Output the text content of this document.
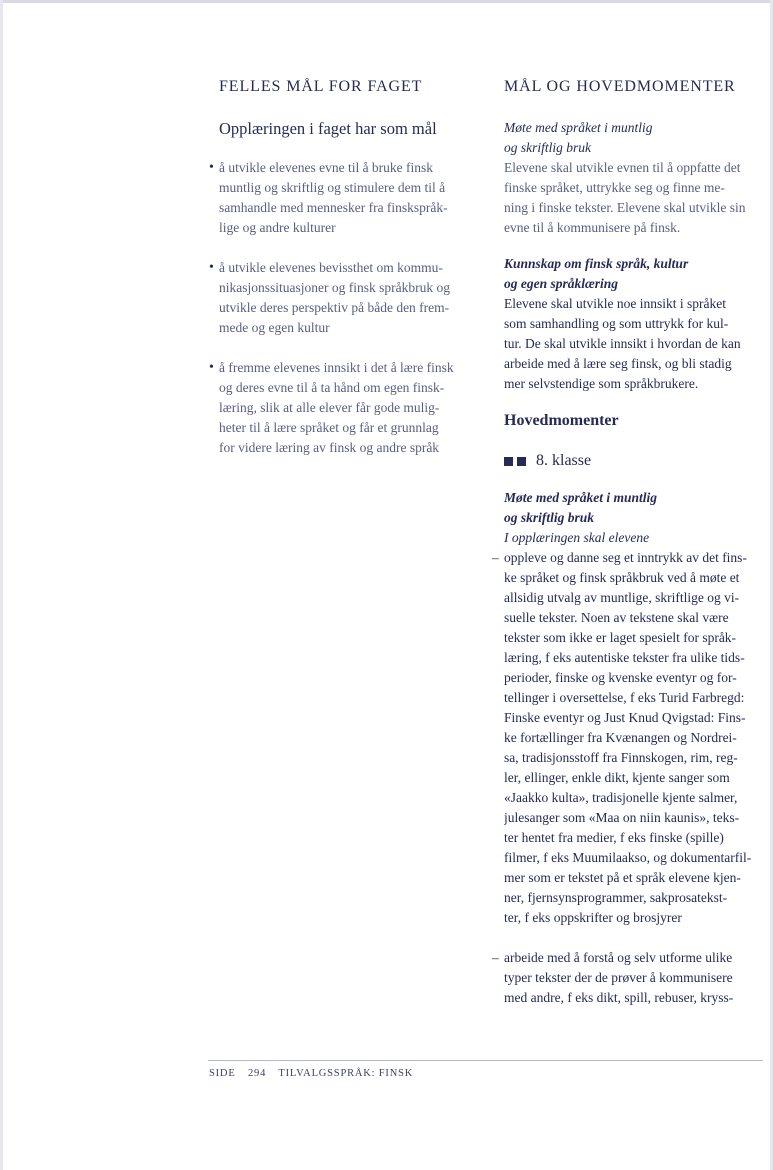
FELLES MÅL FOR FAGET
Opplæringen i faget har som mål
• å utvikle elevenes evne til å bruke finsk
muntlig og skriftlig og stimulere dem til å
samhandle med mennesker fra finskspråk-
lige og andre kulturer
• å utvikle elevenes bevissthet om kommu-
nikasjonssituasjoner og finsk språkbruk og
utvikle deres perspektiv på både den frem-
mede og egen kultur
• å fremme elevenes innsikt i det å lære finsk
og deres evne til å ta hånd om egen finsk-
læring, slik at alle elever får gode mulig-
heter til å lære språket og får et grunnlag
for videre læring av finsk og andre språk
MÅL OG HOVEDMOMENTER
Møte med språket i muntlig
og skriftlig bruk
Elevene skal utvikle evnen til å oppfatte det
finske språket, uttrykke seg og finne me-
ning i finske tekster. Elevene skal utvikle sin
evne til å kommunisere på finsk.
Kunnskap om finsk språk, kultur
og egen språklæring
Elevene skal utvikle noe innsikt i språket
som samhandling og som uttrykk for kul-
tur. De skal utvikle innsikt i hvordan de kan
arbeide med å lære seg finsk, og bli stadig
mer selvstendige som språkbrukere.
Hovedmomenter
8. klasse
Møte med språket i muntlig
og skriftlig bruk
I opplæringen skal elevene
– oppleve og danne seg et inntrykk av det fins-
ke språket og finsk språkbruk ved å møte et
allsidig utvalg av muntlige, skriftlige og vi-
suelle tekster. Noen av tekstene skal være
tekster som ikke er laget spesielt for språk-
læring, f eks autentiske tekster fra ulike tids-
perioder, finske og kvenske eventyr og for-
tellinger i oversettelse, f eks Turid Farbregd:
Finske eventyr og Just Knud Qvigstad: Fins-
ke fortællinger fra Kvænangen og Nordrei-
sa, tradisjonsstoff fra Finnskogen, rim, reg-
ler, ellinger, enkle dikt, kjente sanger som
«Jaakko kulta», tradisjonelle kjente salmer,
julesanger som «Maa on niin kaunis», teks-
ter hentet fra medier, f eks finske (spille)
filmer, f eks Muumilaakso, og dokumentarfil-
mer som er tekstet på et språk elevene kjen-
ner, fjernsynsprogrammer, sakprosatekst-
ter, f eks oppskrifter og brosjyrer
– arbeide med å forstå og selv utforme ulike
typer tekster der de prøver å kommunisere
med andre, f eks dikt, spill, rebuser, kryss-
SIDE 294 TILVALGSSPRÅK: FINSK
